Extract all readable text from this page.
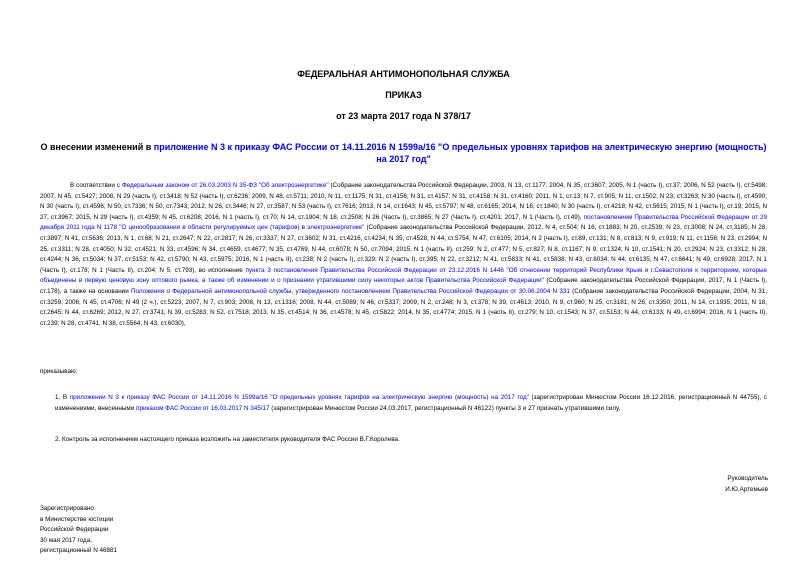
ФЕДЕРАЛЬНАЯ АНТИМОНОПОЛЬНАЯ СЛУЖБА
ПРИКАЗ
от 23 марта 2017 года N 378/17
О внесении изменений в приложение N 3 к приказу ФАС России от 14.11.2016 N 1599а/16 "О предельных уровнях тарифов на электрическую энергию (мощность) на 2017 год"
В соответствии с Федеральным законом от 26.03.2003 N 35-ФЗ "Об электроэнергетике" (Собрание законодательства Российской Федерации, 2003, N 13, ст.1177; 2004, N 35, ст.3607; 2005, N 1 (часть I), ст.37; 2006, N 52 (часть I), ст.5498; 2007, N 45, ст.5427; 2008, N 29 (часть I), ст.3418; N 52 (часть I), ст.6236; 2009, N 48, ст.5711; 2010, N 11, ст.1175; N 31, ст.4156; N 31, ст.4157; N 31, ст.4158; N 31, ст.4160; 2011, N 1, ст.13; N 7, ст.905; N 11, ст.1502; N 23, ст.3263; N 30 (часть I), ст.4590; N 30 (часть I), ст.4596; N 50, ст.7336; N 50, ст.7343; 2012, N 26, ст.3446; N 27, ст.3587; N 53 (часть I), ст.7616; 2013, N 14, ст.1643; N 45, ст.5797; N 48, ст.6165; 2014, N 16, ст.1840; N 30 (часть I), ст.4218; N 42, ст.5615; 2015, N 1 (часть I), ст.19; 2015, N 27, ст.3967; 2015, N 29 (часть I), ст.4359; N 45, ст.6208; 2016, N 1 (часть I), ст.70; N 14, ст.1904; N 18, ст.2508; N 26 (Часть I), ст.3865; N 27 (Часть I), ст.4201; 2017, N 1 (Часть I), ст.49), постановлением Правительства Российской Федерации от 29 декабря 2011 года N 1178 "О ценообразовании в области регулируемых цен (тарифов) в электроэнергетике" (Собрание законодательства Российской Федерации, 2012, N 4, ст.504; N 16, ст.1883; N 20, ст.2539; N 23, ст.3008; N 24, ст.3185; N 28, ст.3897; N 41, ст.5636; 2013, N 1, ст.68; N 21, ст.2647; N 22, ст.2817; N 26, ст.3337; N 27, ст.3602; N 31, ст.4216, ст.4234; N 35, ст.4528; N 44, ст.5754; N 47, ст.6105; 2014, N 2 (часть I), ст.89, ст.131; N 8, ст.813; N 9, ст.919; N 11, ст.1156; N 23, ст.2994; N 25, ст.3311; N 28, ст.4050; N 32, ст.4521; N 33, ст.4596; N 34, ст.4659, ст.4677; N 35, ст.4769, N 44, ст.6078; N 50, ст.7094; 2015, N 1 (часть II), ст.259; N 2, ст.477; N 5, ст.827; N 8, ст.1167; N 9, ст.1324; N 10, ст.1541; N 20, ст.2924; N 23, ст.3312; N 28, ст.4244; N 36, ст.5034; N 37, ст.5153; N 42, ст.5790; N 43, ст.5975; 2016, N 1 (часть II), ст.238; N 2 (часть I), ст.329; N 2 (часть I), ст.395; N 22, ст.3212; N 41, ст.5833; N 41, ст.5838; N 43, ст.6034; N 44, ст.6135; N 47, ст.6641; N 49, ст.6928; 2017, N 1 (Часть I), ст.178; N 1 (Часть II), ст.204; N 5, ст.793), во исполнение пункта 3 постановления Правительства Российской Федерации от 23.12.2016 N 1446 "Об отнесении территорий Республики Крым и г.Севастополя к территориям, которые объединены в первую ценовую зону оптового рынка, а также об изменении и о признании утратившими силу некоторых актов Правительства Российской Федерации" (Собрание законодательства Российской Федерации, 2017, N 1 (Часть I), ст.178), а также на основании Положения о Федеральной антимонопольной службы, утвержденного постановлением Правительства Российской Федерации от 30.06.2004 N 331 (Собрание законодательства Российской Федерации, 2004, N 31, ст.3259; 2006, N 45, ст.4706; N 49 (2 ч.), ст.5223; 2007, N 7, ст.903; 2008, N 13, ст.1316; 2008, N 44, ст.5089; N 46, ст.5337; 2009, N 2, ст.248; N 3, ст.378; N 39, ст.4613; 2010, N 9, ст.960; N 25, ст.3181; N 26, ст.3350; 2011, N 14, ст.1935; 2011, N 18, ст.2645; N 44, ст.6269; 2012, N 27, ст.3741; N 39, ст.5283; N 52, ст.7518; 2013, N 35, ст.4514; N 36, ст.4578; N 45, ст.5822; 2014, N 35, ст.4774; 2015, N 1 (часть II), ст.279; N 10, ст.1543; N 37, ст.5153; N 44, ст.6133; N 49, ст.6994; 2016, N 1 (часть II), ст.239; N 28, ст.4741, N 38, ст.5564, N 43, ст.6030),
приказываю:
1. В приложении N 3 к приказу ФАС России от 14.11.2016 N 1599а/16 "О предельных уровнях тарифов на электрическую энергию (мощность) на 2017 год" (зарегистрирован Минюстом России 16.12.2016, регистрационный N 44755), с изменениями, внесенными приказом ФАС России от 16.03.2017 N 345/17 (зарегистрирован Минюстом России 24.03.2017, регистрационный N 46122) пункты 3 и 27 признать утратившими силу.
2. Контроль за исполнением настоящего приказа возложить на заместителя руководителя ФАС России В.Г.Королева.
Руководитель
И.Ю.Артемьев
Зарегистрировано
в Министерстве юстиции
Российской Федерации
30 мая 2017 года,
регистрационный N 46881
